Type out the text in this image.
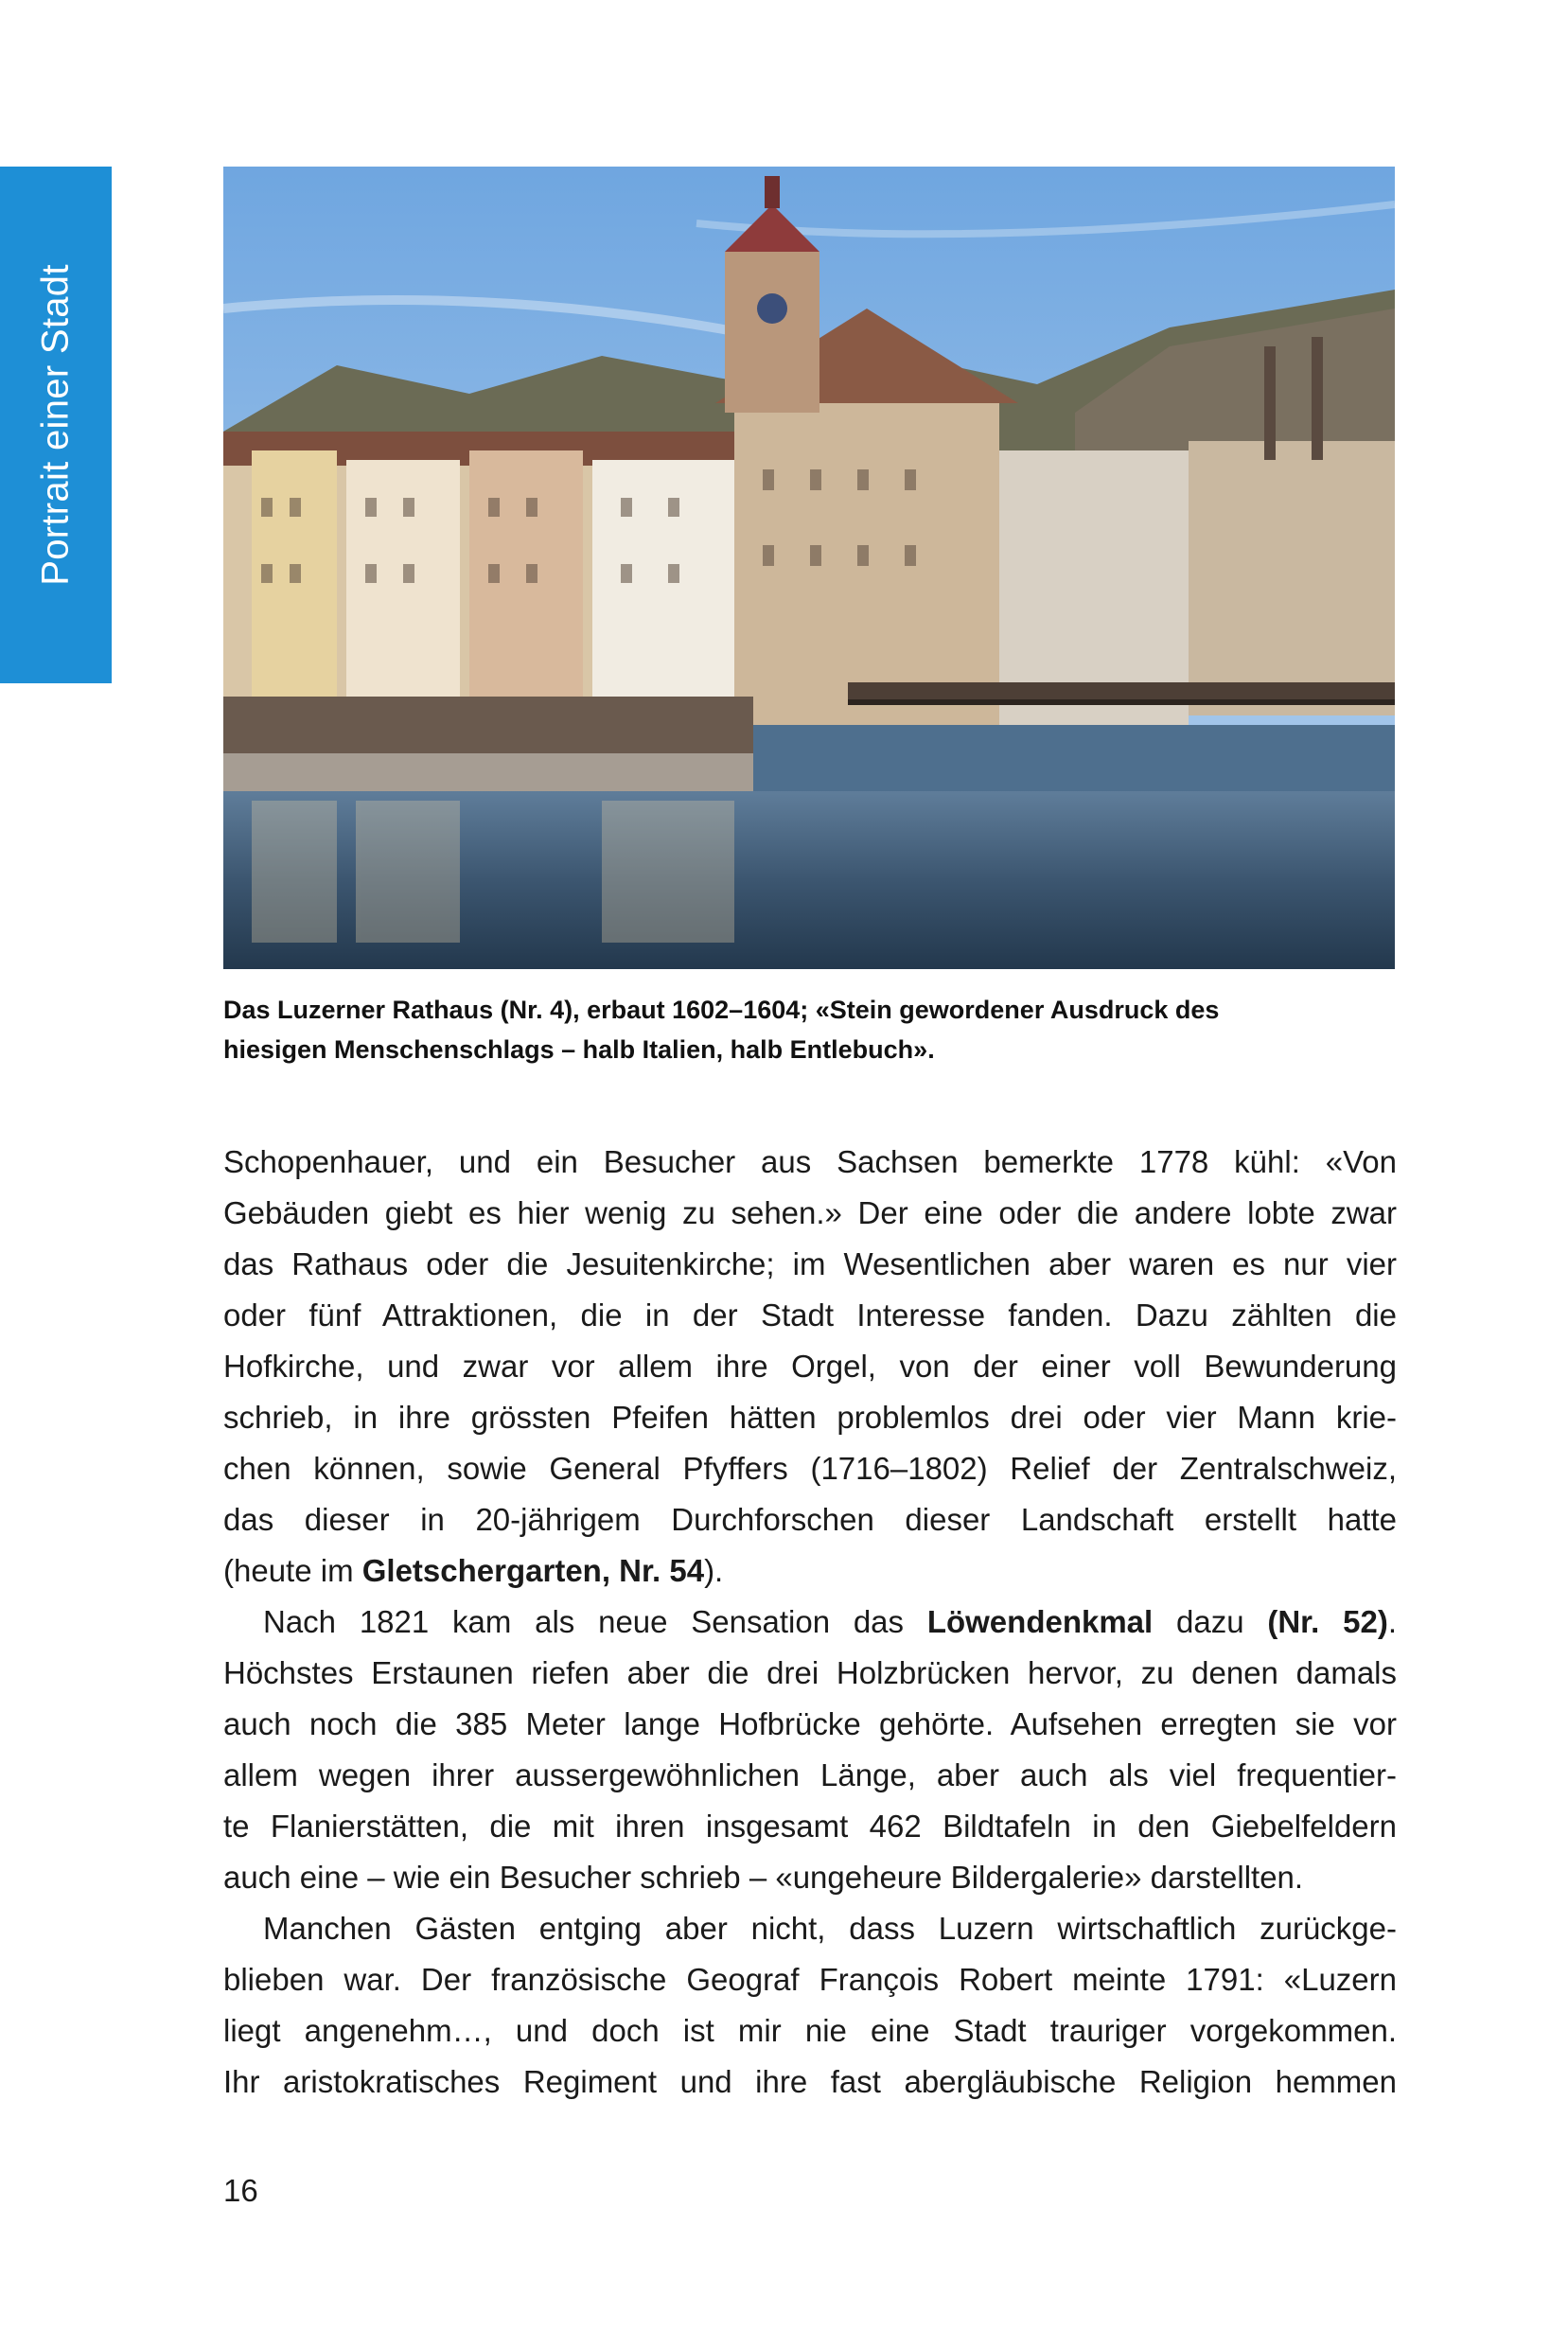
Portrait einer Stadt
Das Luzerner Rathaus (Nr. 4), erbaut 1602–1604; «Stein gewordener Ausdruck des
hiesigen Menschenschlags – halb Italien, halb Entlebuch».
Schopenhauer, und ein Besucher aus Sachsen bemerkte 1778 kühl: «Von
Gebäuden giebt es hier wenig zu sehen.» Der eine oder die andere lobte zwar
das Rathaus oder die Jesuitenkirche; im Wesentlichen aber waren es nur vier
oder fünf Attraktionen, die in der Stadt Interesse fanden. Dazu zählten die
Hofkirche, und zwar vor allem ihre Orgel, von der einer voll Bewunderung
schrieb, in ihre grössten Pfeifen hätten problemlos drei oder vier Mann krie-
chen können, sowie General Pfyffers (1716–1802) Relief der Zentralschweiz,
das dieser in 20-jährigem Durchforschen dieser Landschaft erstellt hatte
(heute im Gletschergarten, Nr. 54).
Nach 1821 kam als neue Sensation das Löwendenkmal dazu (Nr. 52).
Höchstes Erstaunen riefen aber die drei Holzbrücken hervor, zu denen damals
auch noch die 385 Meter lange Hofbrücke gehörte. Aufsehen erregten sie vor
allem wegen ihrer aussergewöhnlichen Länge, aber auch als viel frequentier-
te Flanierstätten, die mit ihren insgesamt 462 Bildtafeln in den Giebelfeldern
auch eine – wie ein Besucher schrieb – «ungeheure Bildergalerie» darstellten.
Manchen Gästen entging aber nicht, dass Luzern wirtschaftlich zurückge-
blieben war. Der französische Geograf François Robert meinte 1791: «Luzern
liegt angenehm…, und doch ist mir nie eine Stadt trauriger vorgekommen.
Ihr aristokratisches Regiment und ihre fast abergläubische Religion hemmen
16
